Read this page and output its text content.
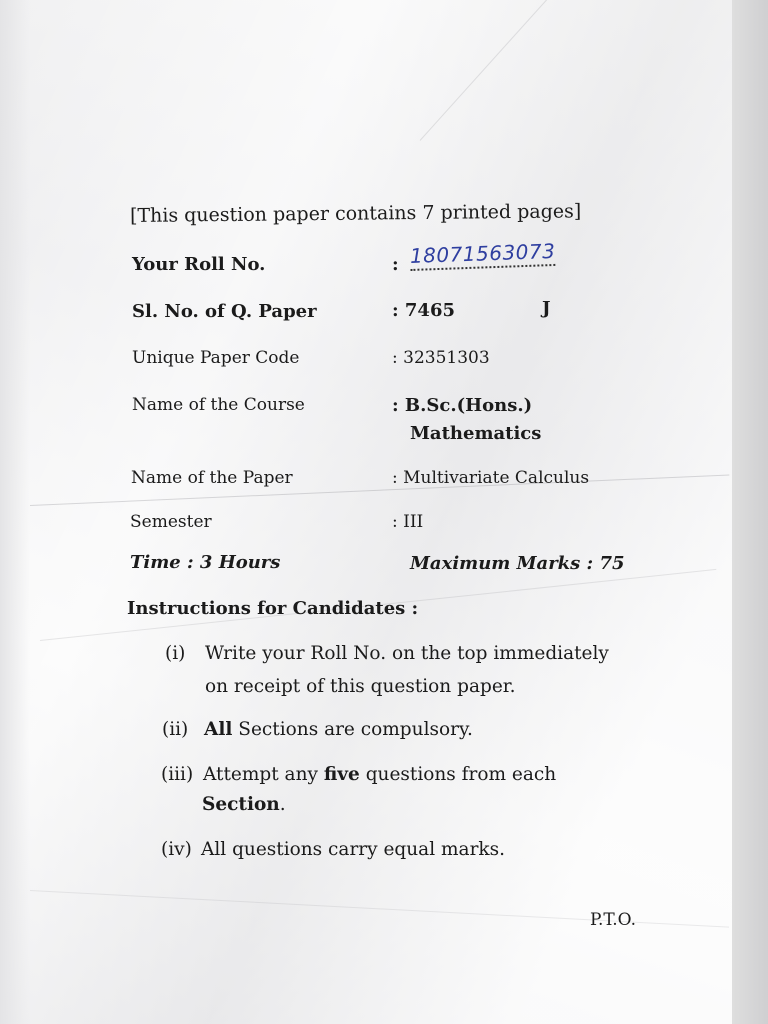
[This question paper contains 7 printed pages]
Your Roll No.	: 18071563073
Sl. No. of Q. Paper	: 7465	J
Unique Paper Code	: 32351303
Name of the Course	: B.Sc.(Hons.)
Mathematics
Name of the Paper	: Multivariate Calculus
Semester	: III
Time : 3 Hours	Maximum Marks : 75
Instructions for Candidates :
(i) Write your Roll No. on the top immediately
on receipt of this question paper.
(ii) All Sections are compulsory.
(iii) Attempt any five questions from each
Section.
(iv) All questions carry equal marks.
P.T.O.
